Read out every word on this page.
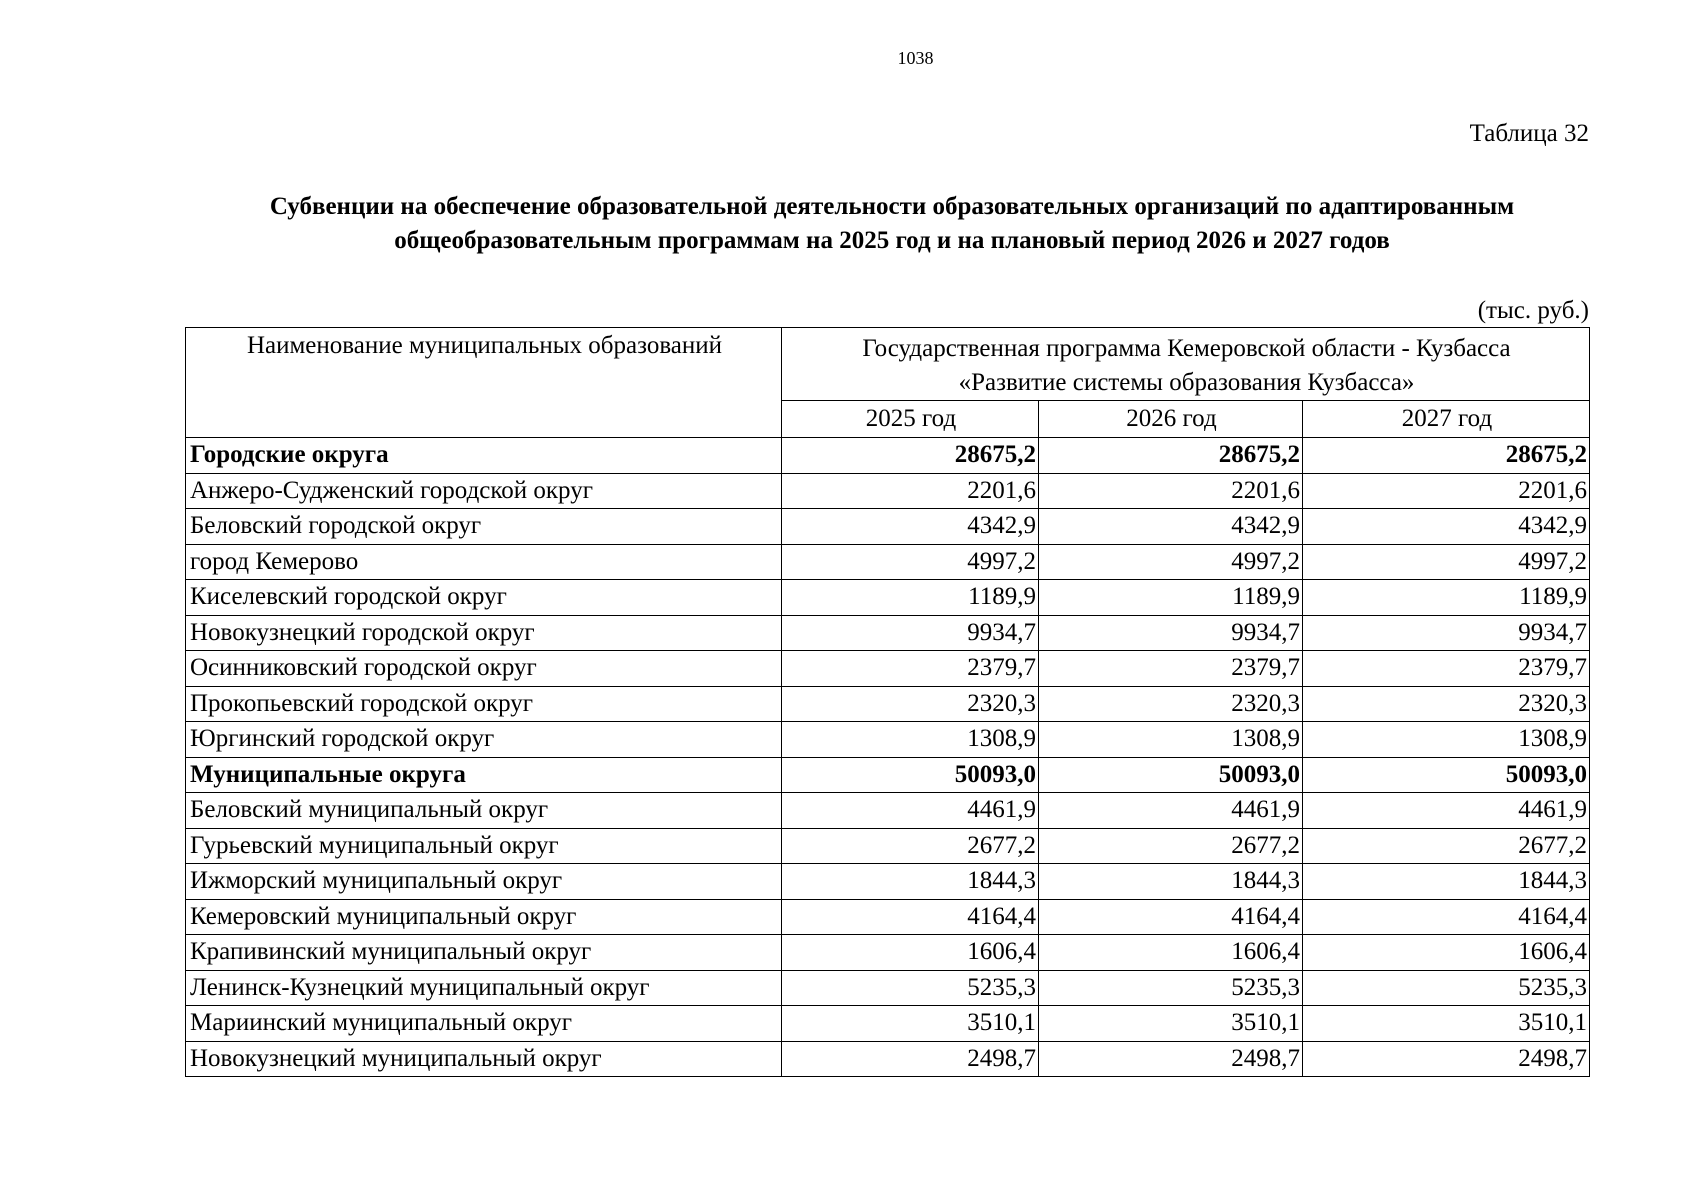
1038
Таблица 32
Субвенции на обеспечение образовательной деятельности образовательных организаций по адаптированным
общеобразовательным программам на 2025 год и на плановый период 2026 и 2027 годов
(тыс. руб.)
Наименование муниципальных образований	Государственная программа Кемеровской области - Кузбасса
«Развитие системы образования Кузбасса»		

	2025 год	2026 год	2027 год
Городские округа	28675,2	28675,2	28675,2
Анжеро-Судженский городской округ	2201,6	2201,6	2201,6
Беловский городской округ	4342,9	4342,9	4342,9
город Кемерово	4997,2	4997,2	4997,2
Киселевский городской округ	1189,9	1189,9	1189,9
Новокузнецкий городской округ	9934,7	9934,7	9934,7
Осинниковский городской округ	2379,7	2379,7	2379,7
Прокопьевский городской округ	2320,3	2320,3	2320,3
Юргинский городской округ	1308,9	1308,9	1308,9
Муниципальные округа	50093,0	50093,0	50093,0
Беловский муниципальный округ	4461,9	4461,9	4461,9
Гурьевский муниципальный округ	2677,2	2677,2	2677,2
Ижморский муниципальный округ	1844,3	1844,3	1844,3
Кемеровский муниципальный округ	4164,4	4164,4	4164,4
Крапивинский муниципальный округ	1606,4	1606,4	1606,4
Ленинск-Кузнецкий муниципальный округ	5235,3	5235,3	5235,3
Мариинский муниципальный округ	3510,1	3510,1	3510,1
Новокузнецкий муниципальный округ	2498,7	2498,7	2498,7
